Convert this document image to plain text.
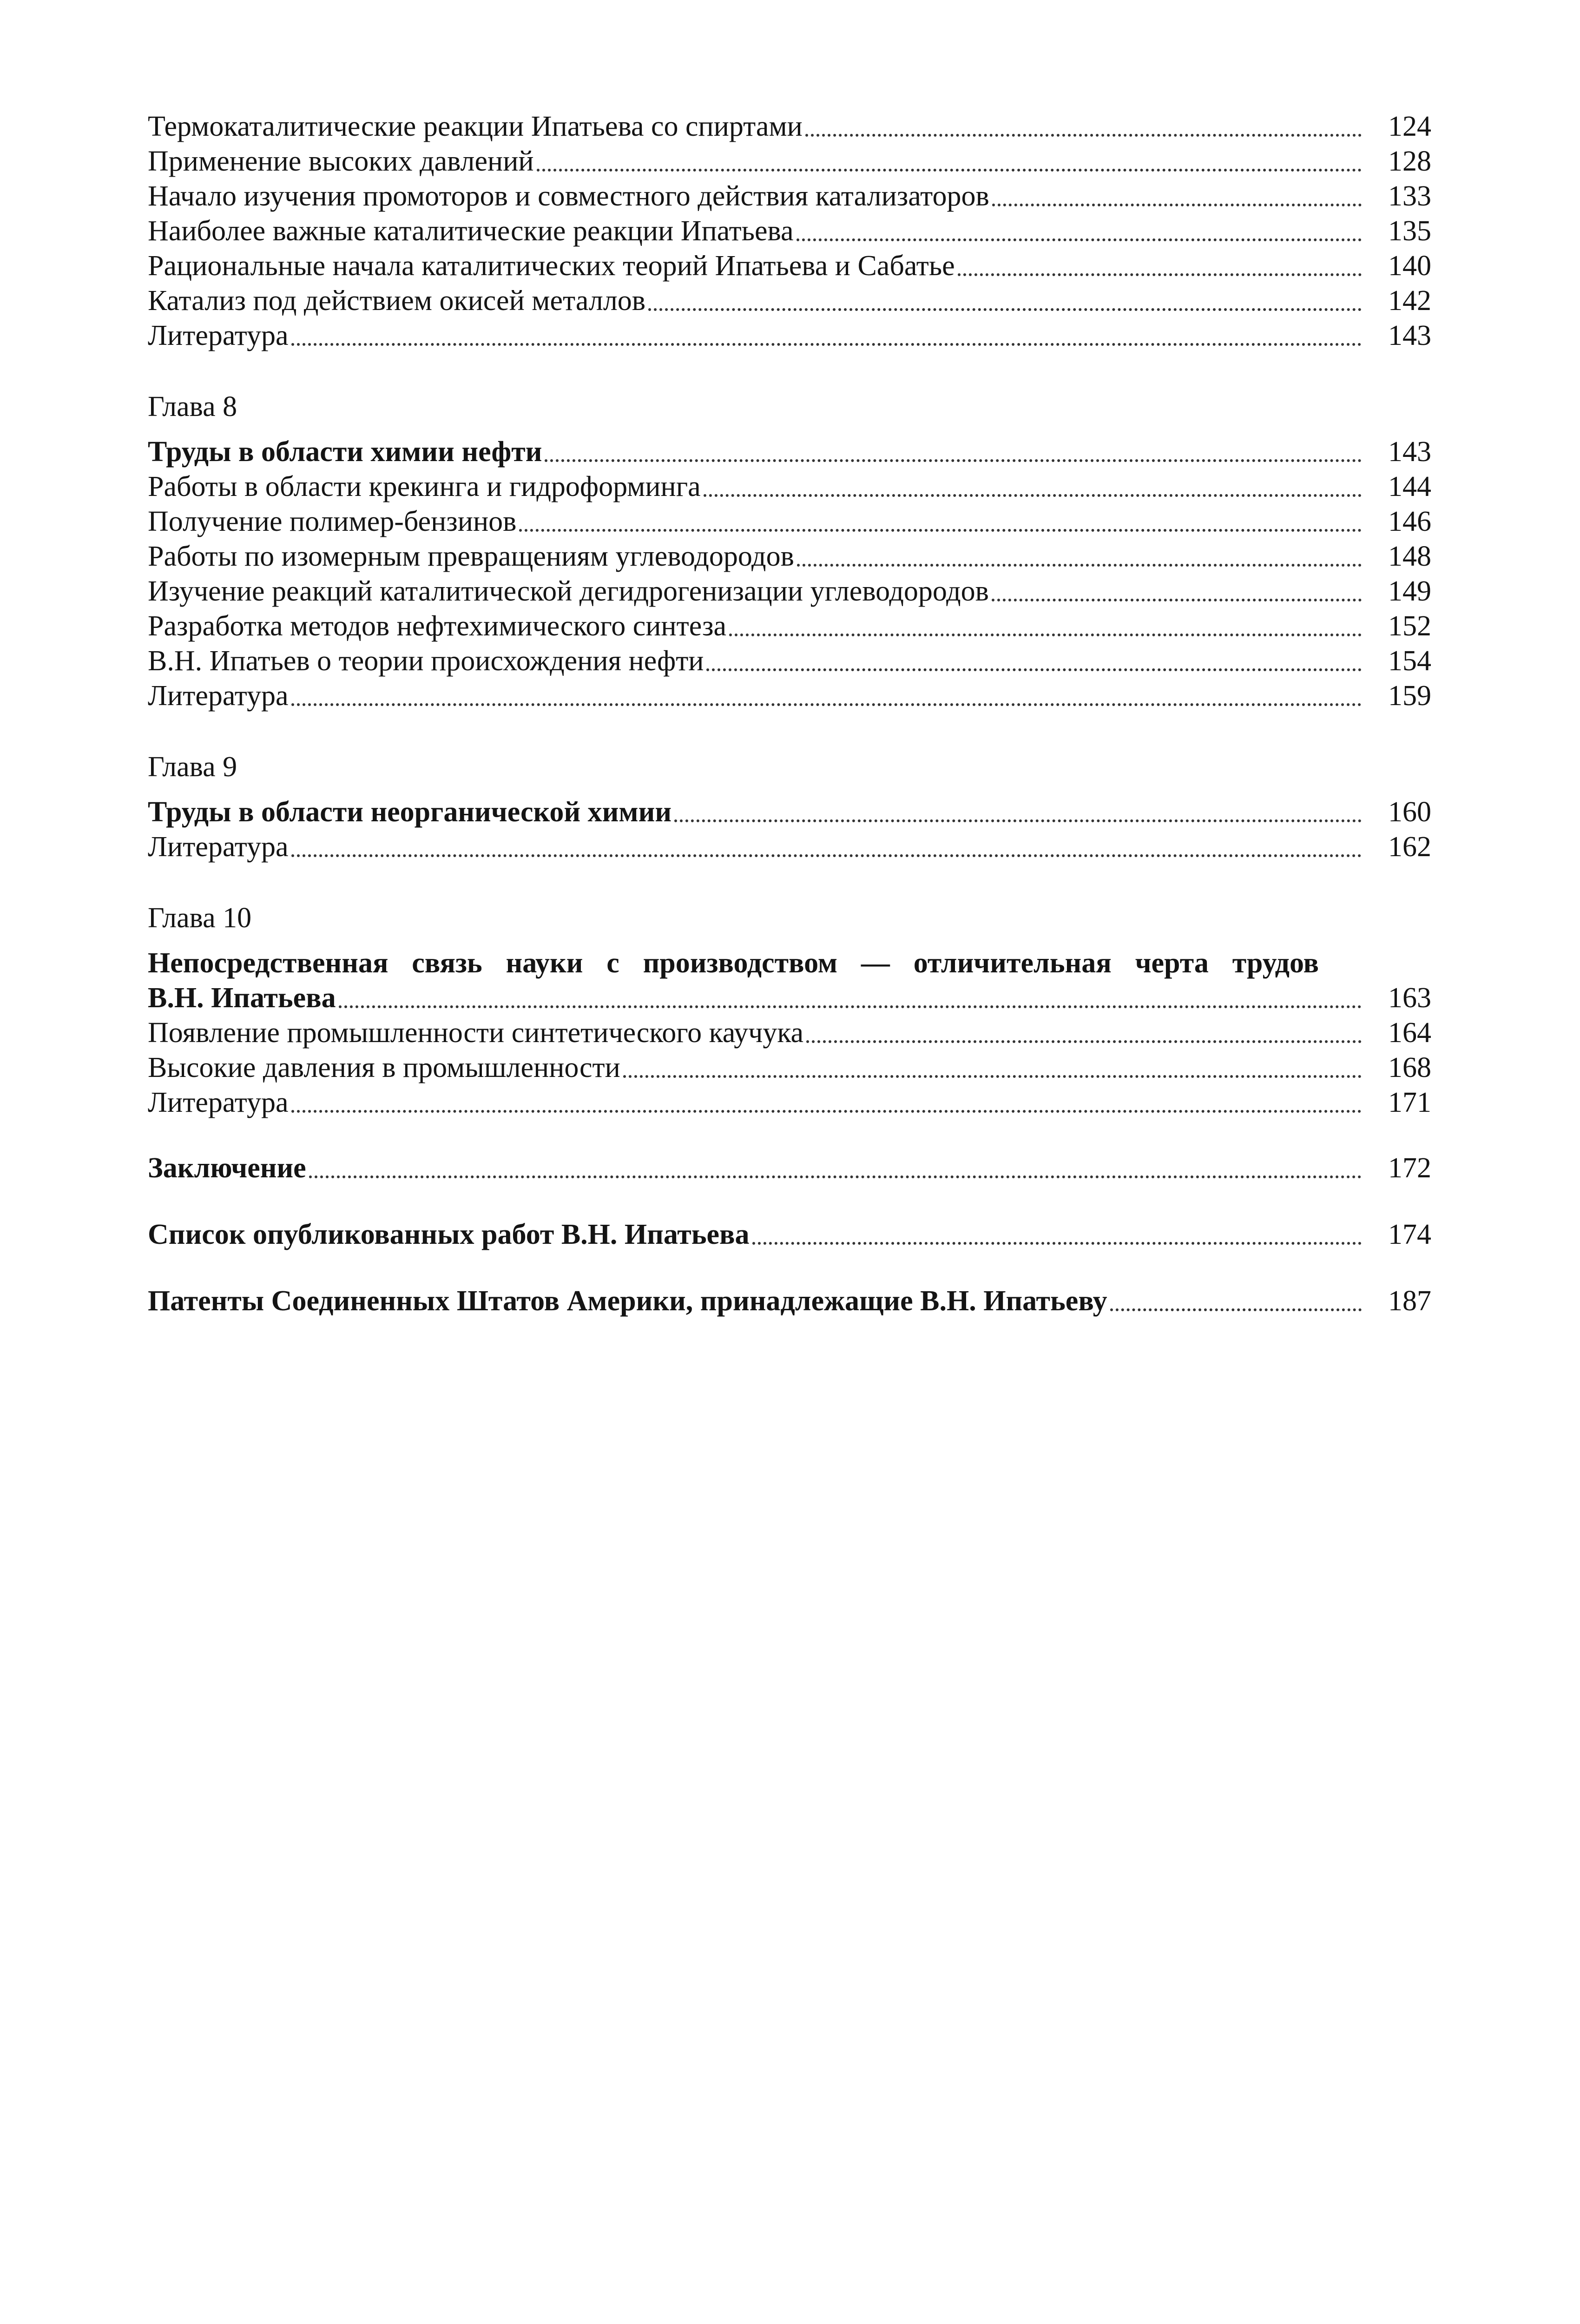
Термокаталитические реакции Ипатьева со спиртами	124
Применение высоких давлений	128
Начало изучения промоторов и совместного действия катализаторов	133
Наиболее важные каталитические реакции Ипатьева	135
Рациональные начала каталитических теорий Ипатьева и Сабатье	140
Катализ под действием окисей металлов	142
Литература	143
Глава 8
Труды в области химии нефти	143
Работы в области крекинга и гидроформинга	144
Получение полимер-бензинов	146
Работы по изомерным превращениям углеводородов	148
Изучение реакций каталитической дегидрогенизации углеводородов	149
Разработка методов нефтехимического синтеза	152
В.Н. Ипатьев о теории происхождения нефти	154
Литература	159
Глава 9
Труды в области неорганической химии	160
Литература	162
Глава 10
Непосредственная связь науки с производством — отличительная черта трудов
В.Н. Ипатьева	163
Появление промышленности синтетического каучука	164
Высокие давления в промышленности	168
Литература	171
Заключение	172
Список опубликованных работ В.Н. Ипатьева	174
Патенты Соединенных Штатов Америки, принадлежащие В.Н. Ипатьеву	187
